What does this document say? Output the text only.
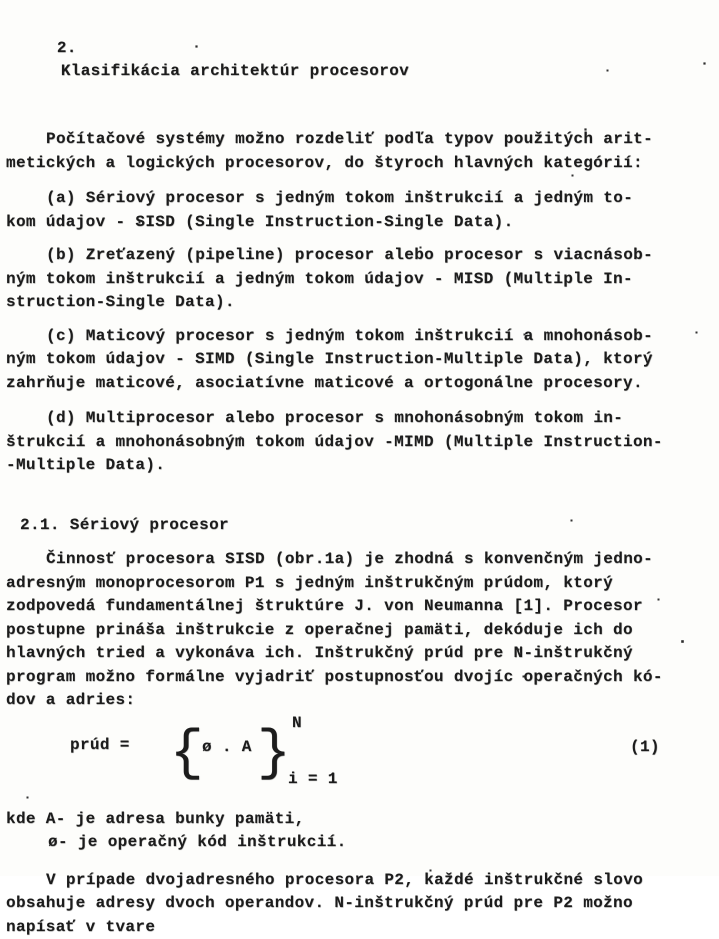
2.
Klasifikácia architektúr procesorov

Počítačové systémy možno rozdeliť podľa typov použitých arit-
metických a logických procesorov, do štyroch hlavných kategórií:
(a) Sériový procesor s jedným tokom inštrukcií a jedným to-
kom údajov - SISD (Single Instruction-Single Data).
(b) Zreťazený (pipeline) procesor alebo procesor s viacnásob-
ným tokom inštrukcií a jedným tokom údajov - MISD (Multiple In-
struction-Single Data).
(c) Maticový procesor s jedným tokom inštrukcií a mnohonásob-
ným tokom údajov - SIMD (Single Instruction-Multiple Data), ktorý
zahrňuje maticové, asociatívne maticové a ortogonálne procesory.
(d) Multiprocesor alebo procesor s mnohonásobným tokom in-
štrukcií a mnohonásobným tokom údajov -MIMD (Multiple Instruction-
-Multiple Data).
2.1. Sériový procesor
Činnosť procesora SISD (obr.1a) je zhodná s konvenčným jedno-
adresným monoprocesorom P1 s jedným inštrukčným prúdom, ktorý
zodpovedá fundamentálnej štruktúre J. von Neumanna [1]. Procesor
postupne prináša inštrukcie z operačnej pamäti, dekóduje ich do
hlavných tried a vykonáva ich. Inštrukčný prúd pre N-inštrukčný
program možno formálne vyjadriť postupnosťou dvojíc operačných kó-
dov a adries:
prúd = {
ø . A } N
i = 1
(1)
kde A- je adresa bunky pamäti,
ø- je operačný kód inštrukcií.
V prípade dvojadresného procesora P2, každé inštrukčné slovo
obsahuje adresy dvoch operandov. N-inštrukčný prúd pre P2 možno
napísať v tvare
